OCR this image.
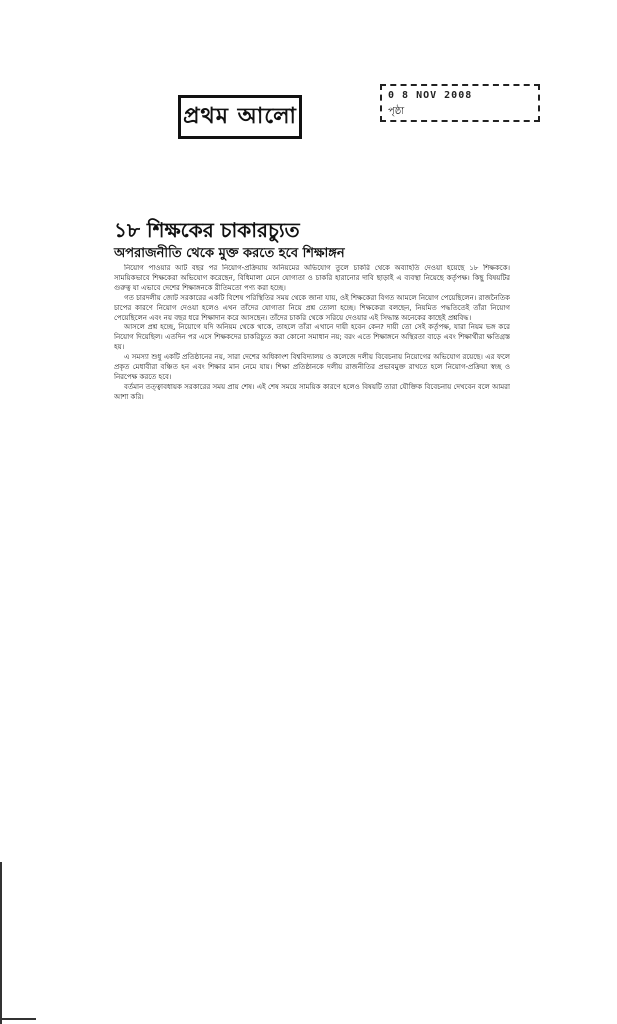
প্রথম আলো
0 8 NOV 2008
পৃষ্ঠা
১৮ শিক্ষকের চাকারচ্যুত
অপরাজনীতি থেকে মুক্ত করতে হবে শিক্ষাঙ্গন

নিয়োগ পাওয়ার আট বছর পর নিয়োগ-প্রক্রিয়ায় অনিয়মের অভিযোগ তুলে চাকরি থেকে অব্যাহতি দেওয়া হয়েছে ১৮ শিক্ষককে। সাময়িকভাবে শিক্ষকেরা অভিযোগ করেছেন, বিধিমালা মেনে যোগ্যতা ও চাকরি হারানোর দাবি ছাড়াই এ ব্যবস্থা নিয়েছে কর্তৃপক্ষ। কিছু বিষয়টির গুরুত্ব যা এভাবে দেশের শিক্ষাঙ্গনকে রীতিমতো পণ্য করা হচ্ছে।

গত চারদলীয় জোট সরকারের একটি বিশেষ পরিস্থিতির সময় থেকে জানা যায়, ওই শিক্ষকেরা বিগত আমলে নিয়োগ পেয়েছিলেন। রাজনৈতিক চাপের কারণে নিয়োগ দেওয়া হলেও এখন তাঁদের যোগ্যতা নিয়ে প্রশ্ন তোলা হচ্ছে। শিক্ষকেরা বলছেন, নিয়মিত পদ্ধতিতেই তাঁরা নিয়োগ পেয়েছিলেন এবং নয় বছর ধরে শিক্ষাদান করে আসছেন। তাঁদের চাকরি থেকে সরিয়ে দেওয়ার এই সিদ্ধান্ত অনেকের কাছেই প্রশ্নবিদ্ধ।

আসলে প্রশ্ন হচ্ছে, নিয়োগে যদি অনিয়ম থেকে থাকে, তাহলে তাঁরা এখানে দায়ী হবেন কেন? দায়ী তো সেই কর্তৃপক্ষ, যারা নিয়ম ভঙ্গ করে নিয়োগ দিয়েছিল। এতদিন পর এসে শিক্ষকদের চাকরিচ্যুত করা কোনো সমাধান নয়; বরং এতে শিক্ষাঙ্গনে অস্থিরতা বাড়ে এবং শিক্ষার্থীরা ক্ষতিগ্রস্ত হয়।

এ সমস্যা শুধু একটি প্রতিষ্ঠানের নয়, সারা দেশের অধিকাংশ বিশ্ববিদ্যালয় ও কলেজে দলীয় বিবেচনায় নিয়োগের অভিযোগ রয়েছে। এর ফলে প্রকৃত মেধাবীরা বঞ্চিত হন এবং শিক্ষার মান নেমে যায়। শিক্ষা প্রতিষ্ঠানকে দলীয় রাজনীতির প্রভাবমুক্ত রাখতে হলে নিয়োগ-প্রক্রিয়া স্বচ্ছ ও নিরপেক্ষ করতে হবে।

বর্তমান তত্ত্বাবধায়ক সরকারের সময় প্রায় শেষ। এই শেষ সময়ে সাময়িক কারণে হলেও বিষয়টি তারা যৌক্তিক বিবেচনায় দেখবেন বলে আমরা আশা করি।
